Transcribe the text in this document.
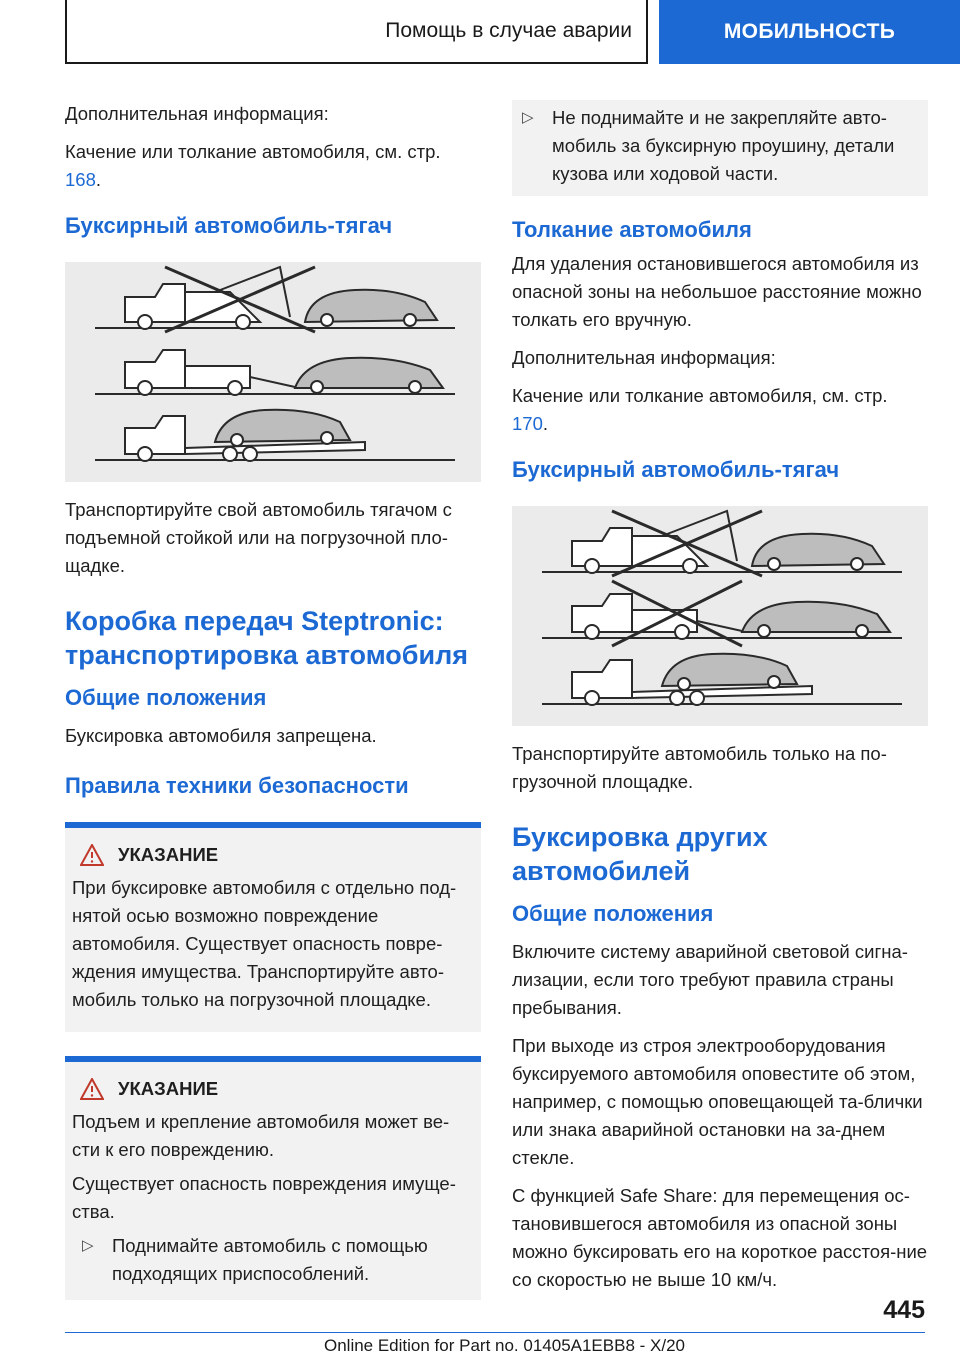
Помощь в случае аварии	МОБИЛЬНОСТЬ

Дополнительная информация:

Качение или толкание автомобиля, см. стр. 168.

Буксирный автомобиль-тягач

Транспортируйте свой автомобиль тягачом с подъемной стойкой или на погрузочной пло-щадке.

Коробка передач Steptronic: транспортировка автомобиля
Общие положения

Буксировка автомобиля запрещена.

Правила техники безопасности
УКАЗАНИЕ

При буксировке автомобиля с отдельно под-нятой осью возможно повреждение автомобиля. Существует опасность повре-ждения имущества. Транспортируйте авто-мобиль только на погрузочной площадке.

УКАЗАНИЕ

Подъем и крепление автомобиля может ве-сти к его повреждению.

Существует опасность повреждения имуще-ства.

▷ Поднимайте автомобиль с помощью подходящих приспособлений.
▷ Не поднимайте и не закрепляйте авто-мобиль за буксирную проушину, детали кузова или ходовой части.
Толкание автомобиля

Для удаления остановившегося автомобиля из опасной зоны на небольшое расстояние можно толкать его вручную.

Дополнительная информация:

Качение или толкание автомобиля, см. стр. 170.

Буксирный автомобиль-тягач

Транспортируйте автомобиль только на по-грузочной площадке.

Буксировка других автомобилей
Общие положения

Включите систему аварийной световой сигна-лизации, если того требуют правила страны пребывания.

При выходе из строя электрооборудования буксируемого автомобиля оповестите об этом, например, с помощью оповещающей та-блички или знака аварийной остановки на за-днем стекле.

С функцией Safe Share: для перемещения ос-тановившегося автомобиля из опасной зоны можно буксировать его на короткое расстоя-ние со скоростью не выше 10 км/ч.

445
Online Edition for Part no. 01405A1EBB8 - X/20
